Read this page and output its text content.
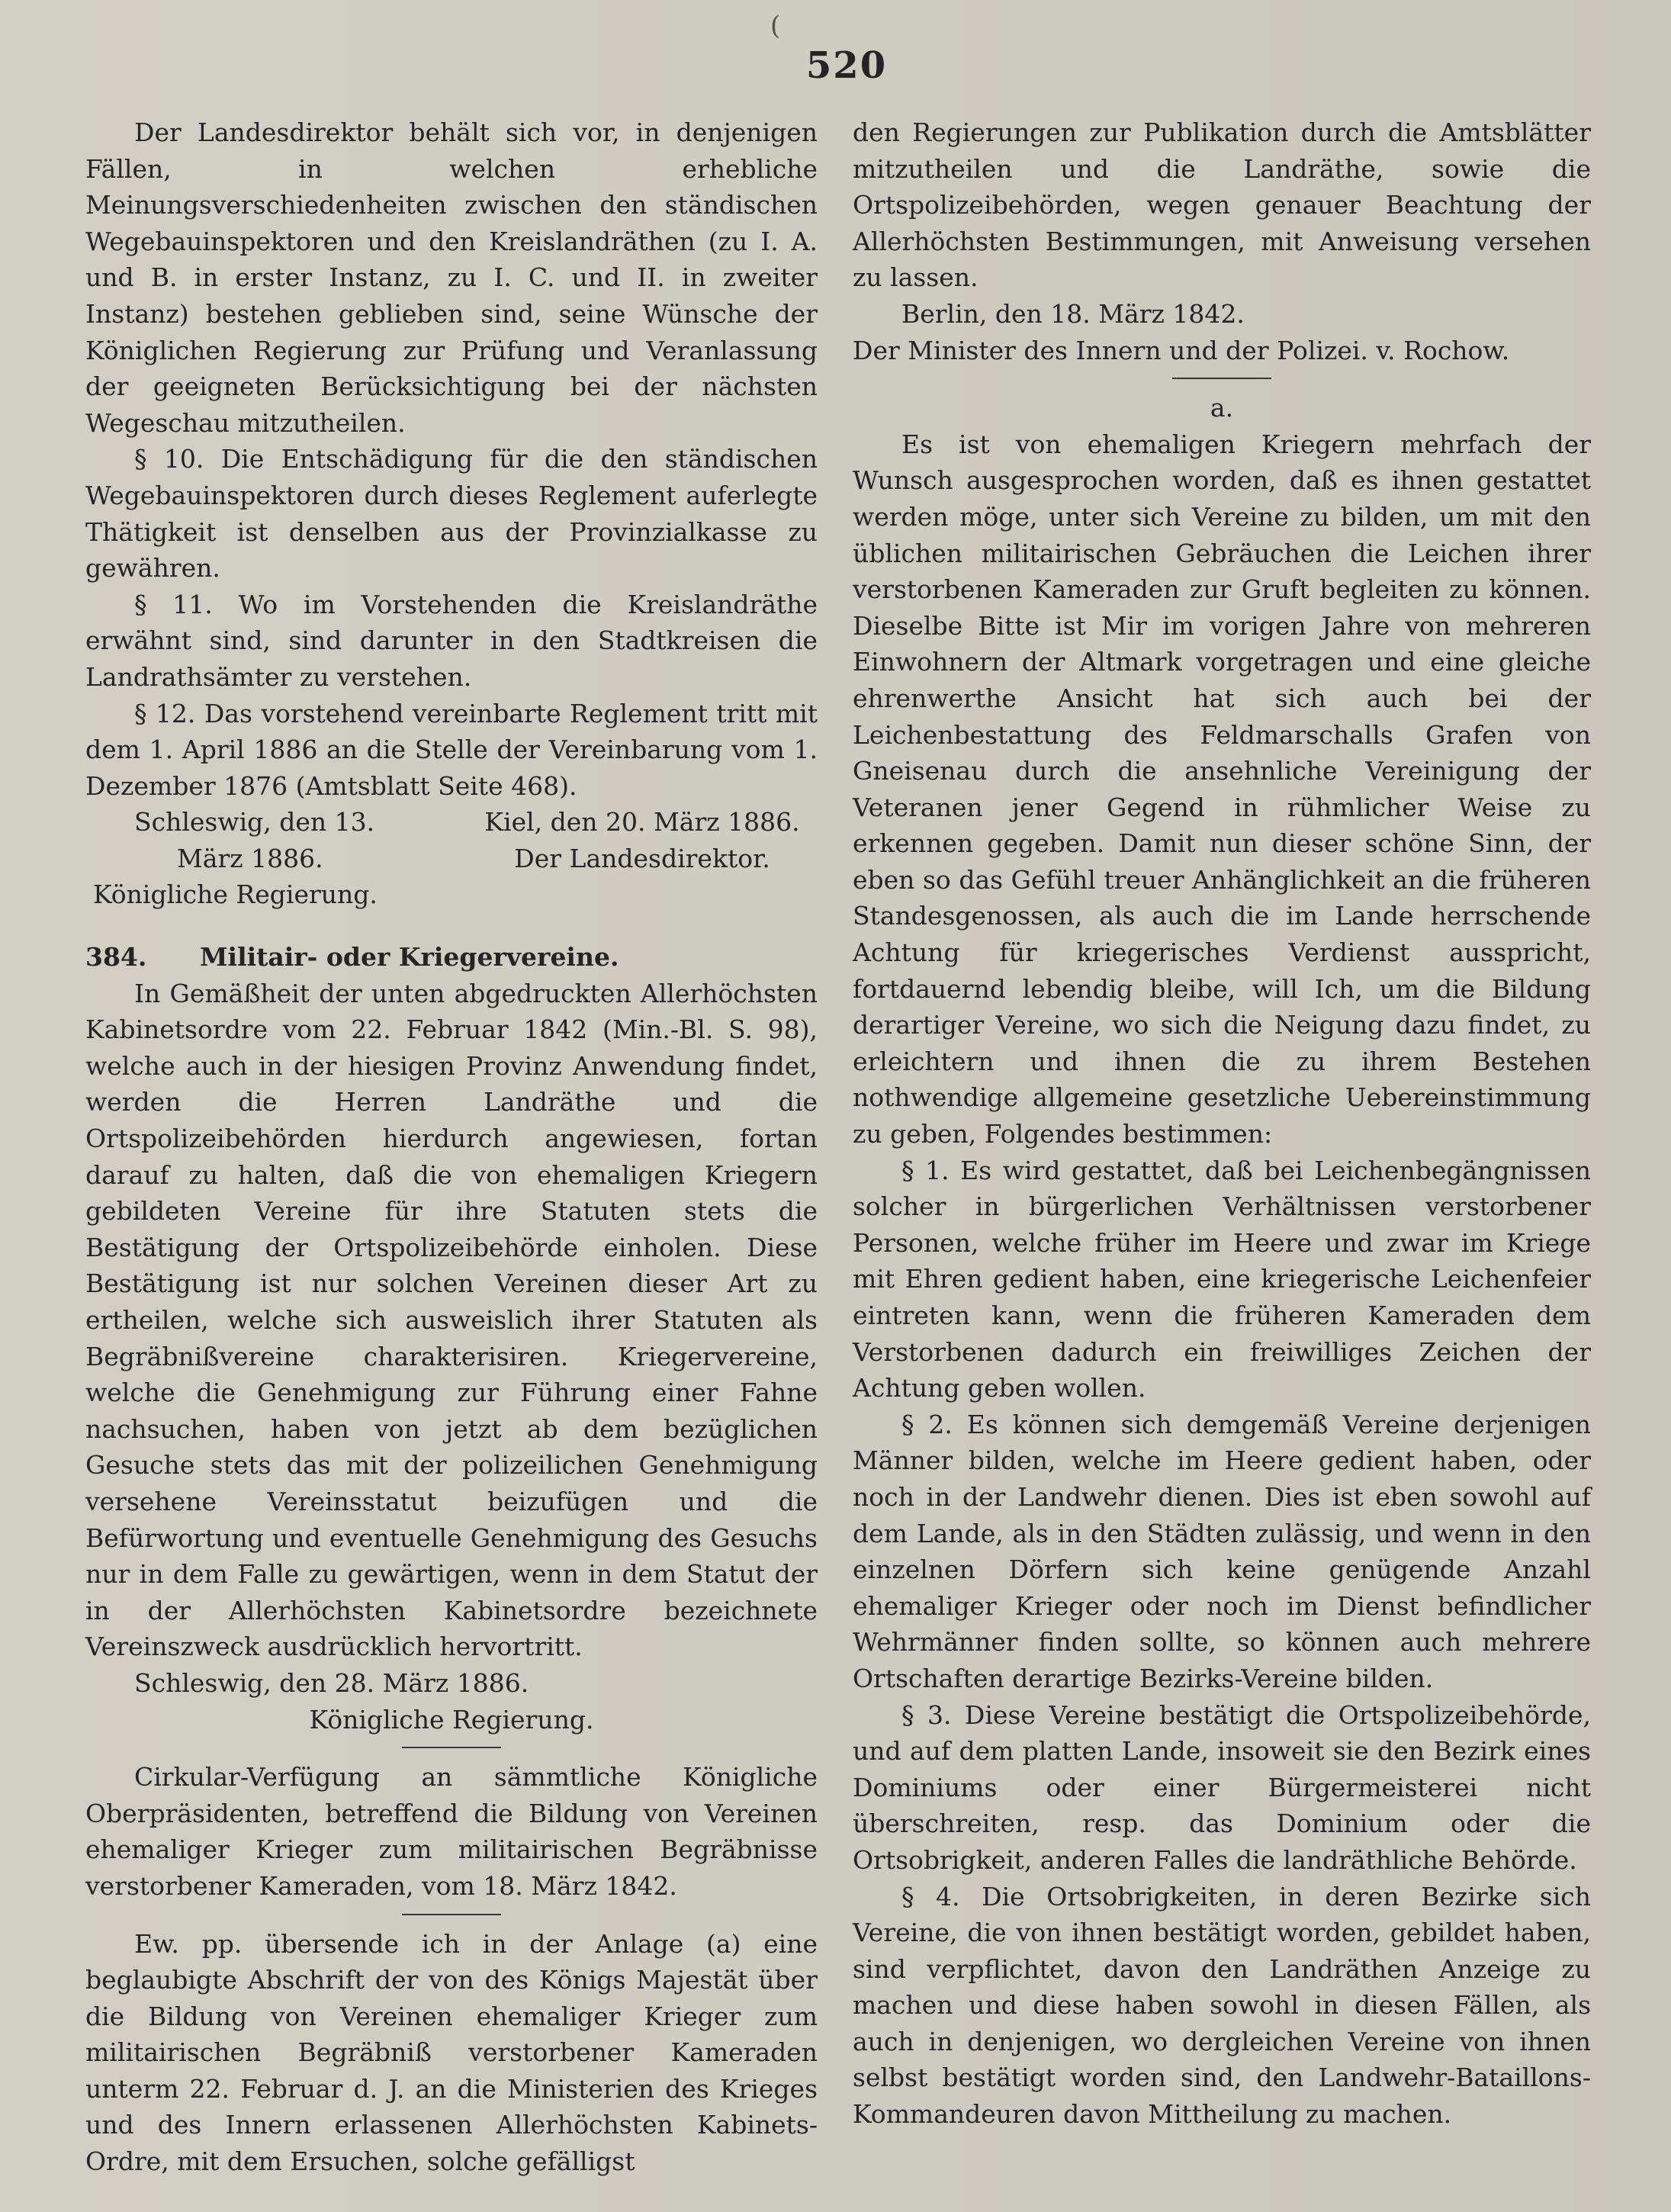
(
520

Der Landesdirektor behält sich vor, in denjenigen Fällen, in welchen erhebliche Meinungsverschiedenheiten zwischen den ständischen Wegebauinspektoren und den Kreislandräthen (zu I. A. und B. in erster Instanz, zu I. C. und II. in zweiter Instanz) bestehen geblieben sind, seine Wünsche der Königlichen Regierung zur Prüfung und Veranlassung der geeigneten Berücksichtigung bei der nächsten Wegeschau mitzutheilen.

§ 10. Die Entschädigung für die den ständischen Wegebauinspektoren durch dieses Reglement auferlegte Thätigkeit ist denselben aus der Provinzialkasse zu gewähren.

§ 11. Wo im Vorstehenden die Kreislandräthe erwähnt sind, sind darunter in den Stadtkreisen die Landrathsämter zu verstehen.

§ 12. Das vorstehend vereinbarte Reglement tritt mit dem 1. April 1886 an die Stelle der Vereinbarung vom 1. Dezember 1876 (Amtsblatt Seite 468).

Schleswig, den 13.	Kiel, den 20. März 1886.
März 1886.	Der Landesdirektor.
Königliche Regierung.
384.	Militair- oder Kriegervereine.

In Gemäßheit der unten abgedruckten Allerhöchsten Kabinetsordre vom 22. Februar 1842 (Min.-Bl. S. 98), welche auch in der hiesigen Provinz Anwendung findet, werden die Herren Landräthe und die Ortspolizeibehörden hierdurch angewiesen, fortan darauf zu halten, daß die von ehemaligen Kriegern gebildeten Vereine für ihre Statuten stets die Bestätigung der Ortspolizeibehörde einholen. Diese Bestätigung ist nur solchen Vereinen dieser Art zu ertheilen, welche sich ausweislich ihrer Statuten als Begräbnißvereine charakterisiren. Kriegervereine, welche die Genehmigung zur Führung einer Fahne nachsuchen, haben von jetzt ab dem bezüglichen Gesuche stets das mit der polizeilichen Genehmigung versehene Vereinsstatut beizufügen und die Befürwortung und eventuelle Genehmigung des Gesuchs nur in dem Falle zu gewärtigen, wenn in dem Statut der in der Allerhöchsten Kabinetsordre bezeichnete Vereinszweck ausdrücklich hervortritt.

Schleswig, den 28. März 1886.

Königliche Regierung.

Cirkular-Verfügung an sämmtliche Königliche Oberpräsidenten, betreffend die Bildung von Vereinen ehemaliger Krieger zum militairischen Begräbnisse verstorbener Kameraden, vom 18. März 1842.

Ew. pp. übersende ich in der Anlage (a) eine beglaubigte Abschrift der von des Königs Majestät über die Bildung von Vereinen ehemaliger Krieger zum militairischen Begräbniß verstorbener Kameraden unterm 22. Februar d. J. an die Ministerien des Krieges und des Innern erlassenen Allerhöchsten Kabinets-Ordre, mit dem Ersuchen, solche gefälligst

den Regierungen zur Publikation durch die Amtsblätter mitzutheilen und die Landräthe, sowie die Ortspolizeibehörden, wegen genauer Beachtung der Allerhöchsten Bestimmungen, mit Anweisung versehen zu lassen.

Berlin, den 18. März 1842.

Der Minister des Innern und der Polizei. v. Rochow.

a.

Es ist von ehemaligen Kriegern mehrfach der Wunsch ausgesprochen worden, daß es ihnen gestattet werden möge, unter sich Vereine zu bilden, um mit den üblichen militairischen Gebräuchen die Leichen ihrer verstorbenen Kameraden zur Gruft begleiten zu können. Dieselbe Bitte ist Mir im vorigen Jahre von mehreren Einwohnern der Altmark vorgetragen und eine gleiche ehrenwerthe Ansicht hat sich auch bei der Leichenbestattung des Feldmarschalls Grafen von Gneisenau durch die ansehnliche Vereinigung der Veteranen jener Gegend in rühmlicher Weise zu erkennen gegeben. Damit nun dieser schöne Sinn, der eben so das Gefühl treuer Anhänglichkeit an die früheren Standesgenossen, als auch die im Lande herrschende Achtung für kriegerisches Verdienst ausspricht, fortdauernd lebendig bleibe, will Ich, um die Bildung derartiger Vereine, wo sich die Neigung dazu findet, zu erleichtern und ihnen die zu ihrem Bestehen nothwendige allgemeine gesetzliche Uebereinstimmung zu geben, Folgendes bestimmen:

§ 1. Es wird gestattet, daß bei Leichenbegängnissen solcher in bürgerlichen Verhältnissen verstorbener Personen, welche früher im Heere und zwar im Kriege mit Ehren gedient haben, eine kriegerische Leichenfeier eintreten kann, wenn die früheren Kameraden dem Verstorbenen dadurch ein freiwilliges Zeichen der Achtung geben wollen.

§ 2. Es können sich demgemäß Vereine derjenigen Männer bilden, welche im Heere gedient haben, oder noch in der Landwehr dienen. Dies ist eben sowohl auf dem Lande, als in den Städten zulässig, und wenn in den einzelnen Dörfern sich keine genügende Anzahl ehemaliger Krieger oder noch im Dienst befindlicher Wehrmänner finden sollte, so können auch mehrere Ortschaften derartige Bezirks-Vereine bilden.

§ 3. Diese Vereine bestätigt die Ortspolizeibehörde, und auf dem platten Lande, insoweit sie den Bezirk eines Dominiums oder einer Bürgermeisterei nicht überschreiten, resp. das Dominium oder die Ortsobrigkeit, anderen Falles die landräthliche Behörde.

§ 4. Die Ortsobrigkeiten, in deren Bezirke sich Vereine, die von ihnen bestätigt worden, gebildet haben, sind verpflichtet, davon den Landräthen Anzeige zu machen und diese haben sowohl in diesen Fällen, als auch in denjenigen, wo dergleichen Vereine von ihnen selbst bestätigt worden sind, den Landwehr-Bataillons-Kommandeuren davon Mittheilung zu machen.
